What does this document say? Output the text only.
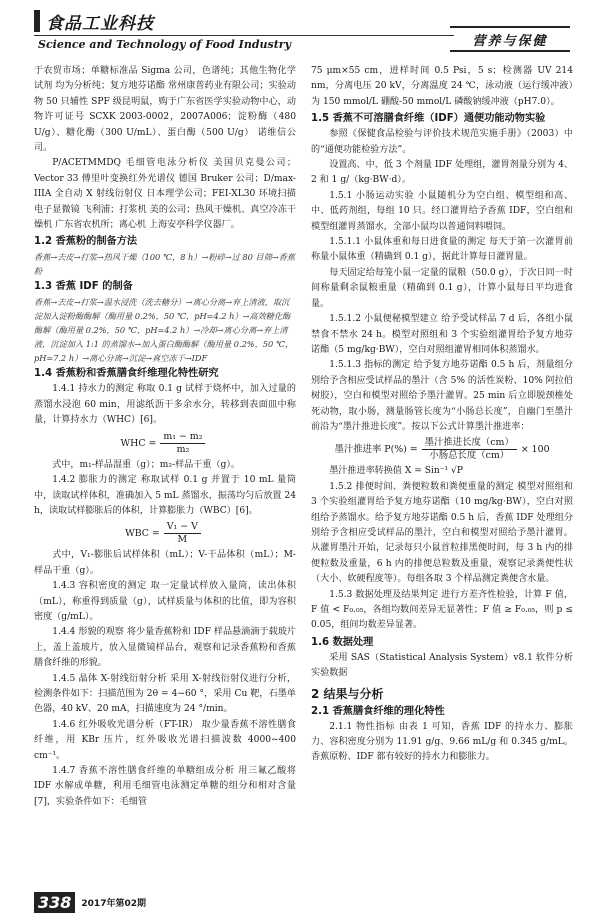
食品工业科技
Science and Technology of Food Industry	营养与保健

于农贸市场；单糖标准品 Sigma 公司，色谱纯；其他生物化学试剂 均为分析纯；复方地芬诺酯 常州康普药业有限公司；实验动物 50 只辅性 SPF 级昆明鼠，购于广东省医学实验动物中心，动物许可证号 SCXK 2003-0002，2007A006；淀粉酶（480 U/g）、糖化酶（300 U/mL）、蛋白酶（500 U/g） 诺维信公司。

P/ACETMMDQ 毛细管电泳分析仪 美国贝克曼公司；Vector 33 傅里叶变换红外光谱仪 德国 Bruker 公司；D/max-IIIA 全自动 X 射线衍射仪 日本理学公司；FEI-XL30 环境扫描电子显微镜 飞利浦；打浆机 美的公司；热风干燥机、真空冷冻干燥机 广东省农机所；离心机 上海安亭科学仪器厂。

1.2 香蕉粉的制备方法

香蕉→去皮→打浆→热风干燥（100 ℃，8 h）→粉碎→过 80 目筛→香蕉粉

1.3 香蕉 IDF 的制备

香蕉→去皮→打浆→温水浸洗（洗去糖分）→离心分离→弃上清液，取沉淀加入淀粉酶酶解（酶用量 0.2%，50 ℃，pH=4.2 h）→高效糖化酶酶解（酶用量 0.2%，50 ℃，pH=4.2 h）→冷却→离心分离→弃上清液，沉淀加入 1:1 的蒸馏水→加入蛋白酶酶解（酶用量 0.2%，50 ℃，pH=7.2 h）→离心分离→沉淀→真空冻干→IDF

1.4 香蕉粉和香蕉膳食纤维理化特性研究

1.4.1 持水力的测定 称取 0.1 g 试样于烧杯中，加入过量的蒸馏水浸泡 60 min，用滤纸沥干多余水分，转移到表面皿中称量，计算持水力（WHC）[6]。

WHC = $\frac{\text{m₁ − m₂}}{\text{m₂}}$

式中，m₁-样品湿重（g）；m₂-样品干重（g）。

1.4.2 膨胀力的测定 称取试样 0.1 g 并置于 10 mL 量筒中，读取试样体积，准确加入 5 mL 蒸馏水，振荡均匀后放置 24 h，读取试样膨胀后的体积，计算膨胀力（WBC）[6]。

WBC = $\frac{\text{V₁ − V}}{M}$

式中，V₁-膨胀后试样体积（mL）；V-干品体积（mL）；M-样品干重（g）。

1.4.3 容积密度的测定 取一定量试样放入量筒，读出体积（mL），称重得到质量（g），试样质量与体积的比值，即为容积密度（g/mL）。

1.4.4 形貌的观察 将少量香蕉粉和 IDF 样品悬滴滴于载玻片上，盖上盖玻片，放入显微镜样品台，观察和记录香蕉粉和香蕉膳食纤维的形貌。

1.4.5 晶体 X-射线衍射分析 采用 X-射线衍射仪进行分析，检测条件如下：扫描范围为 2θ = 4~60 °，采用 Cu 靶，石墨单色器，40 kV、20 mA，扫描速度为 24 °/min。

1.4.6 红外吸收光谱分析（FT-IR） 取少量香蕉不溶性膳食纤维，用 KBr 压片，红外吸收光谱扫描波数 4000~400 cm⁻¹。

1.4.7 香蕉不溶性膳食纤维的单糖组成分析 用三氟乙酸将 IDF 水解成单糖，利用毛细管电泳测定单糖的组分和相对含量[7]，实验条件如下：毛细管

75 μm×55 cm，进样时间 0.5 Psi，5 s；检测器 UV 214 nm，分离电压 20 kV，分离温度 24 ℃，泳动液（运行缓冲液）为 150 mmol/L 硼酸-50 mmol/L 磷酸钠缓冲液（pH7.0）。

1.5 香蕉不可溶膳食纤维（IDF）通便功能动物实验

参照《保健食品检验与评价技术规范实施手册》（2003）中的“通便功能检验方法”。

设置高、中、低 3 个剂量 IDF 处理组，灌胃剂量分别为 4、2 和 1 g/（kg·BW·d）。

1.5.1 小肠运动实验 小鼠随机分为空白组、模型组和高、中、低药剂组，每组 10 只。经口灌胃给予香蕉 IDF，空白组和模型组灌胃蒸馏水，全部小鼠均以普通饲料喂饲。

1.5.1.1 小鼠体重和每日进食量的测定 每天于第一次灌胃前称量小鼠体重（精确到 0.1 g），据此计算每日灌胃量。

每天固定给每笼小鼠一定量的鼠粮（50.0 g），于次日同一时间称量剩余鼠粮重量（精确到 0.1 g），计算小鼠每日平均进食量。

1.5.1.2 小鼠便秘模型建立 给予受试样品 7 d 后，各组小鼠禁食不禁水 24 h。模型对照组和 3 个实验组灌胃给予复方地芬诺酯（5 mg/kg·BW），空白对照组灌胃相同体积蒸馏水。

1.5.1.3 指标的测定 给予复方地芬诺酯 0.5 h 后，剂量组分别给予含相应受试样品的墨汁（含 5% 的活性炭粉、10% 阿拉伯树胶），空白和模型对照给予墨汁灌胃。25 min 后立即脱颈椎处死动物，取小肠，测量肠管长度为“小肠总长度”，自幽门至墨汁前沿为“墨汁推进长度”。按以下公式计算墨汁推进率：

墨汁推进率 $P(\%) = \frac{\text{墨汁推进长度（cm）}}{\text{小肠总长度（cm）}} \times 100$

墨汁推进率转换值 X = Sin⁻¹ √P

1.5.2 排便时间、粪便粒数和粪便重量的测定 模型对照组和 3 个实验组灌胃给予复方地芬诺酯（10 mg/kg·BW），空白对照组给予蒸馏水。给予复方地芬诺酯 0.5 h 后，香蕉 IDF 处理组分别给予含相应受试样品的墨汁，空白和模型对照给予墨汁灌胃。从灌胃墨汁开始，记录每只小鼠首粒排黑便时间，每 3 h 内的排便粒数及重量，6 h 内的排便总粒数及重量，观察记录粪便性状（大小、软硬程度等）。每组各取 3 个样品测定粪便含水量。

1.5.3 数据处理及结果判定 进行方差齐性检验，计算 F 值，F 值 < F₀.₀₅，各组均数间差异无显著性；F 值 ≥ F₀.₀₅，则 p ≤ 0.05，组间均数差异显著。

1.6 数据处理

采用 SAS（Statistical Analysis System）v8.1 软件分析实验数据

2 结果与分析
2.1 香蕉膳食纤维的理化特性

2.1.1 物性指标 由表 1 可知，香蕉 IDF 的持水力、膨胀力、容积密度分别为 11.91 g/g、9.66 mL/g 和 0.345 g/mL。香蕉原粉、IDF 都有较好的持水力和膨胀力。

338	2017年第02期
